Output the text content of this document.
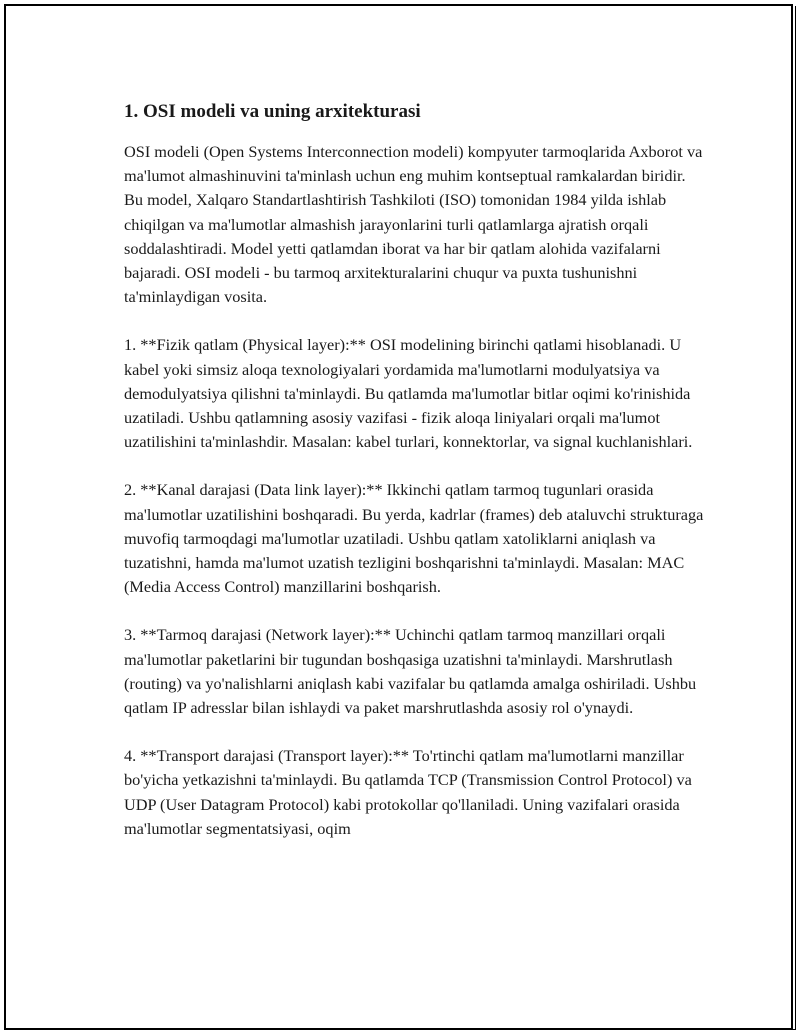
1. OSI modeli va uning arxitekturasi

OSI modeli (Open Systems Interconnection modeli) kompyuter tarmoqlarida Axborot va ma'lumot almashinuvini ta'minlash uchun eng muhim kontseptual ramkalardan biridir. Bu model, Xalqaro Standartlashtirish Tashkiloti (ISO) tomonidan 1984 yilda ishlab chiqilgan va ma'lumotlar almashish jarayonlarini turli qatlamlarga ajratish orqali soddalashtiradi. Model yetti qatlamdan iborat va har bir qatlam alohida vazifalarni bajaradi. OSI modeli - bu tarmoq arxitekturalarini chuqur va puxta tushunishni ta'minlaydigan vosita.

1. **Fizik qatlam (Physical layer):** OSI modelining birinchi qatlami hisoblanadi. U kabel yoki simsiz aloqa texnologiyalari yordamida ma'lumotlarni modulyatsiya va demodulyatsiya qilishni ta'minlaydi. Bu qatlamda ma'lumotlar bitlar oqimi ko'rinishida uzatiladi. Ushbu qatlamning asosiy vazifasi - fizik aloqa liniyalari orqali ma'lumot uzatilishini ta'minlashdir. Masalan: kabel turlari, konnektorlar, va signal kuchlanishlari.

2. **Kanal darajasi (Data link layer):** Ikkinchi qatlam tarmoq tugunlari orasida ma'lumotlar uzatilishini boshqaradi. Bu yerda, kadrlar (frames) deb ataluvchi strukturaga muvofiq tarmoqdagi ma'lumotlar uzatiladi. Ushbu qatlam xatoliklarni aniqlash va tuzatishni, hamda ma'lumot uzatish tezligini boshqarishni ta'minlaydi. Masalan: MAC (Media Access Control) manzillarini boshqarish.

3. **Tarmoq darajasi (Network layer):** Uchinchi qatlam tarmoq manzillari orqali ma'lumotlar paketlarini bir tugundan boshqasiga uzatishni ta'minlaydi. Marshrutlash (routing) va yo'nalishlarni aniqlash kabi vazifalar bu qatlamda amalga oshiriladi. Ushbu qatlam IP adresslar bilan ishlaydi va paket marshrutlashda asosiy rol o'ynaydi.

4. **Transport darajasi (Transport layer):** To'rtinchi qatlam ma'lumotlarni manzillar bo'yicha yetkazishni ta'minlaydi. Bu qatlamda TCP (Transmission Control Protocol) va UDP (User Datagram Protocol) kabi protokollar qo'llaniladi. Uning vazifalari orasida ma'lumotlar segmentatsiyasi, oqim
